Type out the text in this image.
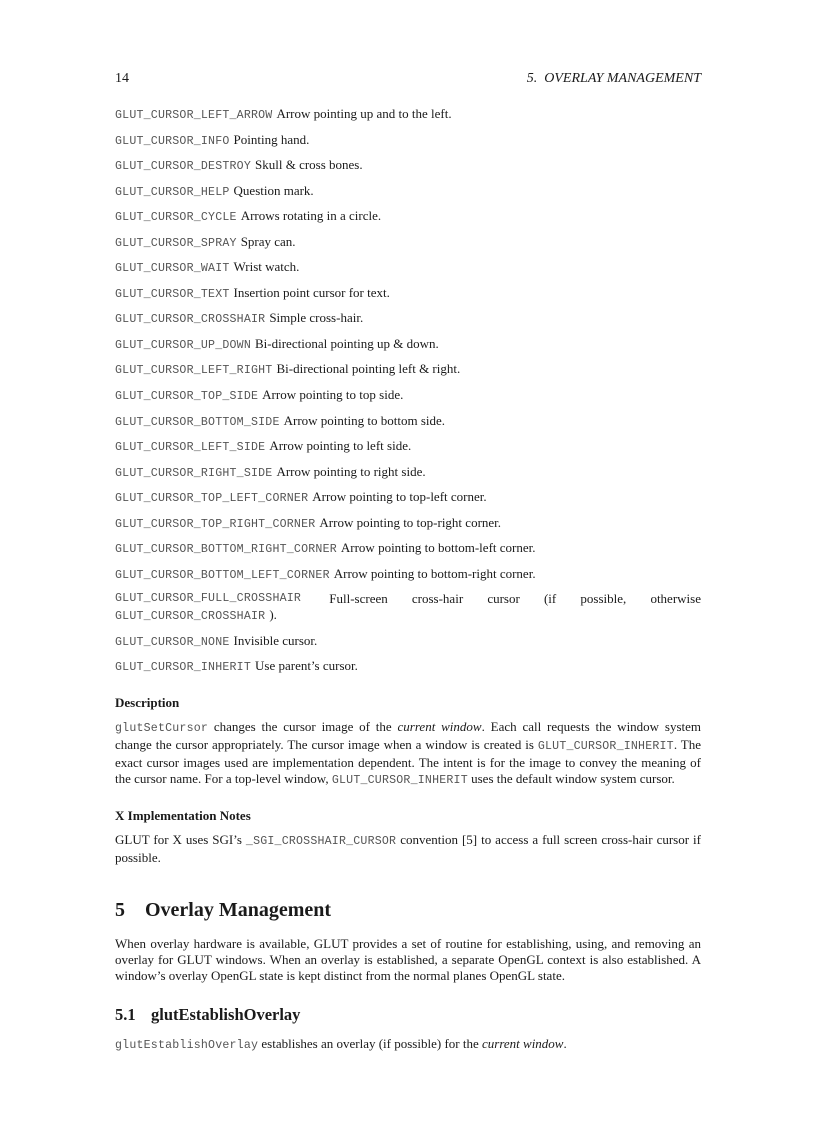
14	5. OVERLAY MANAGEMENT
GLUT_CURSOR_LEFT_ARROW Arrow pointing up and to the left.
GLUT_CURSOR_INFO Pointing hand.
GLUT_CURSOR_DESTROY Skull & cross bones.
GLUT_CURSOR_HELP Question mark.
GLUT_CURSOR_CYCLE Arrows rotating in a circle.
GLUT_CURSOR_SPRAY Spray can.
GLUT_CURSOR_WAIT Wrist watch.
GLUT_CURSOR_TEXT Insertion point cursor for text.
GLUT_CURSOR_CROSSHAIR Simple cross-hair.
GLUT_CURSOR_UP_DOWN Bi-directional pointing up & down.
GLUT_CURSOR_LEFT_RIGHT Bi-directional pointing left & right.
GLUT_CURSOR_TOP_SIDE Arrow pointing to top side.
GLUT_CURSOR_BOTTOM_SIDE Arrow pointing to bottom side.
GLUT_CURSOR_LEFT_SIDE Arrow pointing to left side.
GLUT_CURSOR_RIGHT_SIDE Arrow pointing to right side.
GLUT_CURSOR_TOP_LEFT_CORNER Arrow pointing to top-left corner.
GLUT_CURSOR_TOP_RIGHT_CORNER Arrow pointing to top-right corner.
GLUT_CURSOR_BOTTOM_RIGHT_CORNER Arrow pointing to bottom-left corner.
GLUT_CURSOR_BOTTOM_LEFT_CORNER Arrow pointing to bottom-right corner.
GLUT_CURSOR_FULL_CROSSHAIR Full-screen cross-hair cursor (if possible, otherwise
GLUT_CURSOR_CROSSHAIR ).
GLUT_CURSOR_NONE Invisible cursor.
GLUT_CURSOR_INHERIT Use parent’s cursor.
Description

glutSetCursor changes the cursor image of the current window. Each call requests the window system change the cursor appropriately. The cursor image when a window is created is GLUT_CURSOR_INHERIT. The exact cursor images used are implementation dependent. The intent is for the image to convey the meaning of the cursor name. For a top-level window, GLUT_CURSOR_INHERIT uses the default window system cursor.

X Implementation Notes

GLUT for X uses SGI’s _SGI_CROSSHAIR_CURSOR convention [5] to access a full screen cross-hair cursor if possible.

5 Overlay Management

When overlay hardware is available, GLUT provides a set of routine for establishing, using, and removing an overlay for GLUT windows. When an overlay is established, a separate OpenGL context is also established. A window’s overlay OpenGL state is kept distinct from the normal planes OpenGL state.

5.1 glutEstablishOverlay

glutEstablishOverlay establishes an overlay (if possible) for the current window.
